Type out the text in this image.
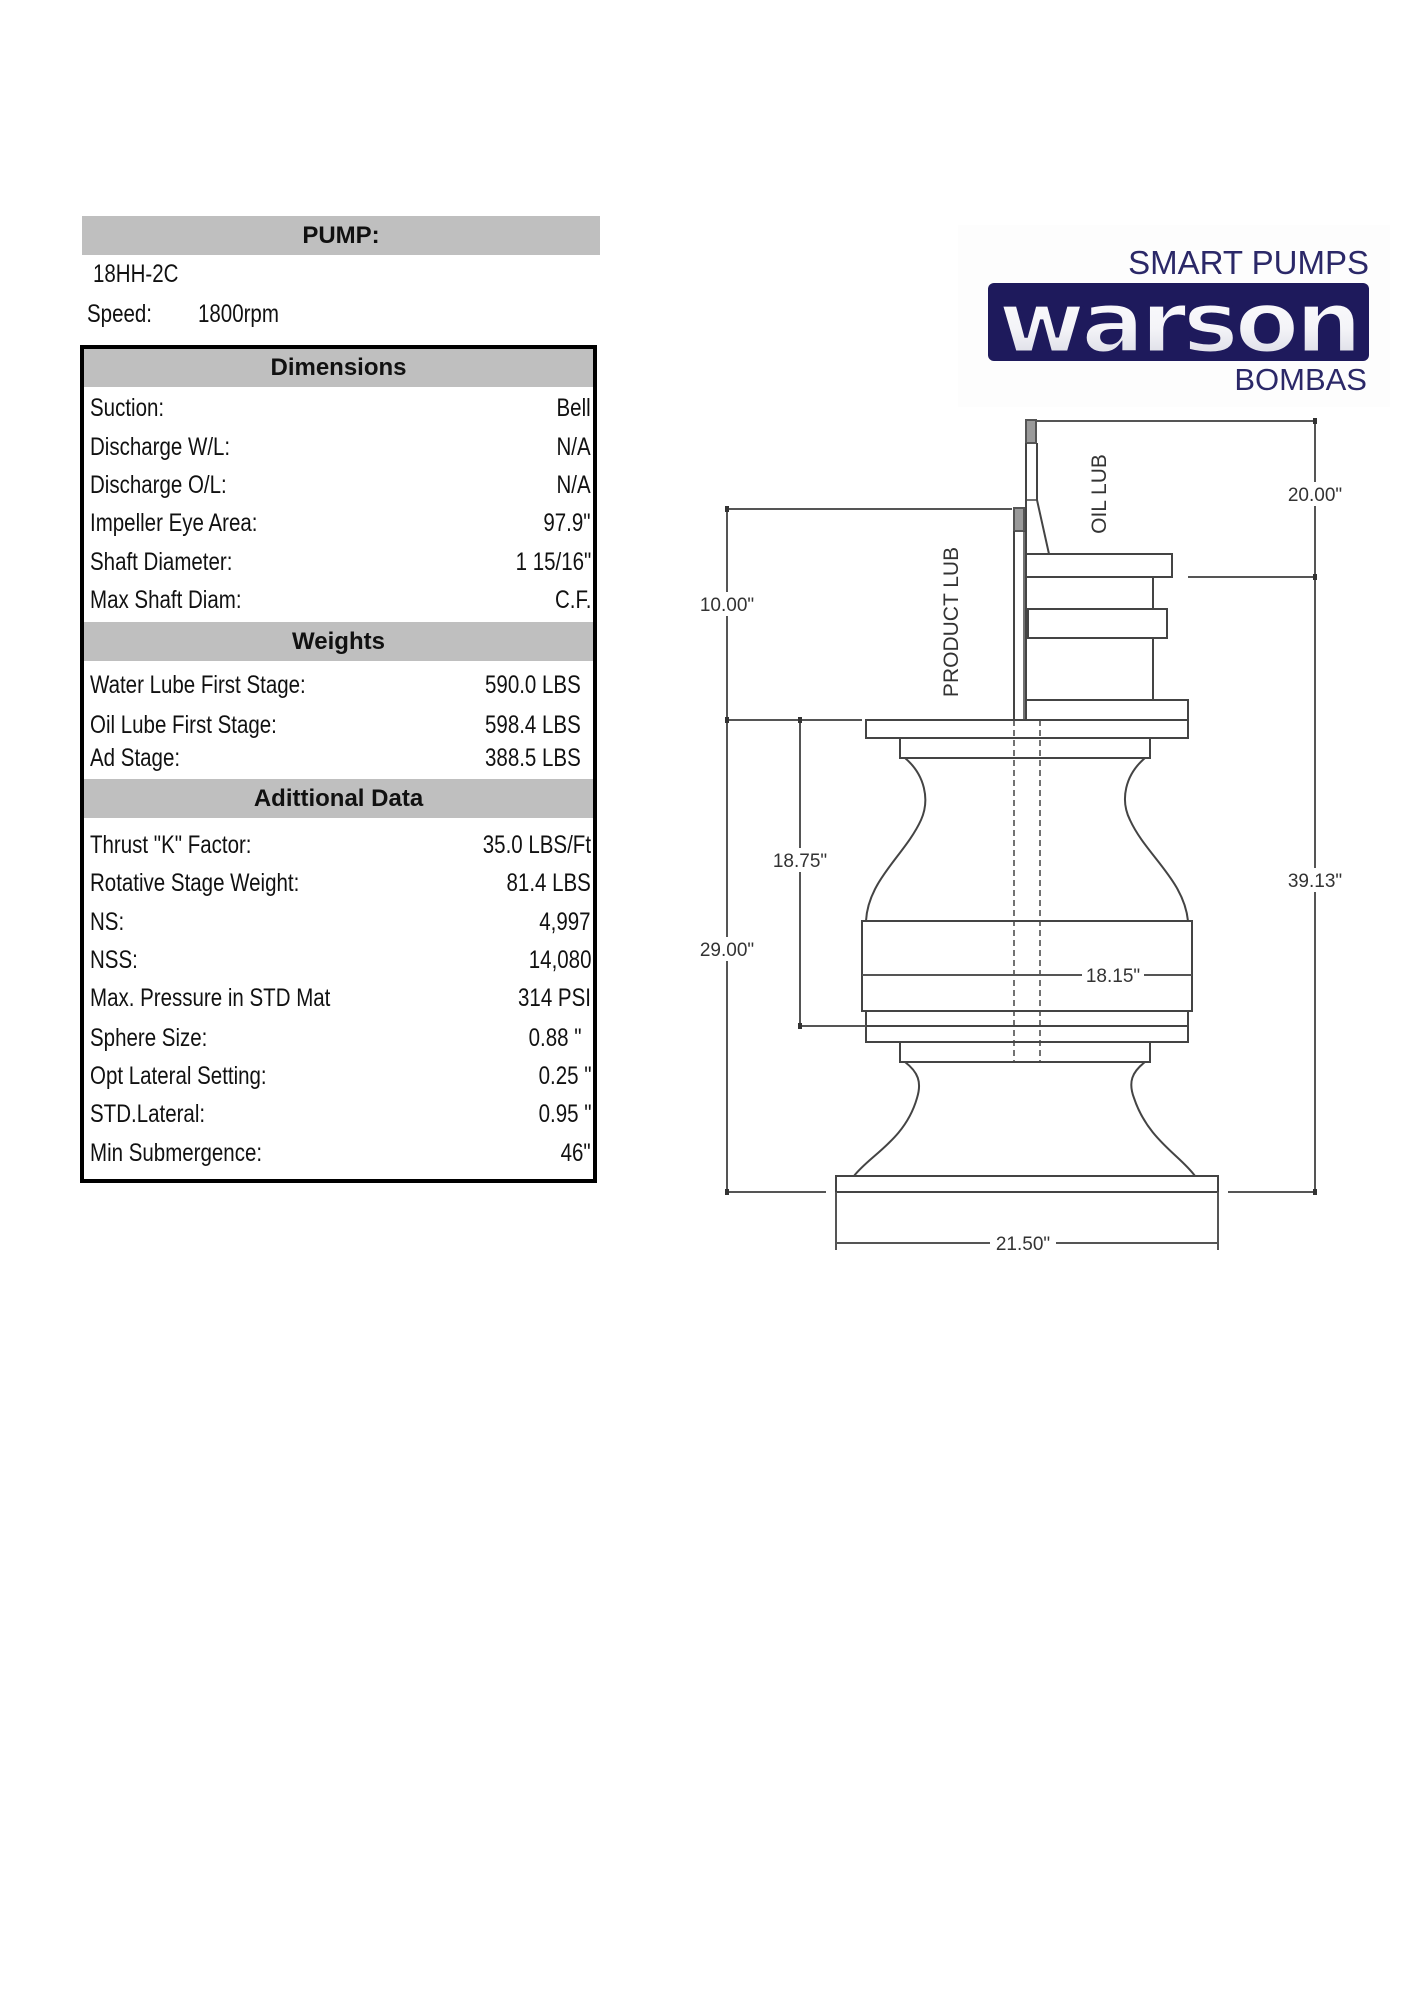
PUMP:
18HH-2C
Speed: 1800rpm
Dimensions
Suction:	Bell
Discharge W/L:	N/A
Discharge O/L:	N/A
Impeller Eye Area:	97.9"
Shaft Diameter:	1 15/16"
Max Shaft Diam:	C.F.
Weights
Water Lube First Stage:	590.0 LBS
Oil Lube First Stage:	598.4 LBS
Ad Stage:	388.5 LBS
Adittional Data
Thrust "K" Factor:	35.0 LBS/Ft
Rotative Stage Weight:	81.4 LBS
NS:	4,997
NSS:	14,080
Max. Pressure in STD Mat	314 PSI
Sphere Size:	0.88 "
Opt Lateral Setting:	0.25 "
STD.Lateral:	0.95 "
Min Submergence:	46"
SMART PUMPS
warson
BOMBAS
10.00"
20.00"
18.75"
29.00"
39.13"
18.15"
21.50"
OIL LUB
PRODUCT LUB
